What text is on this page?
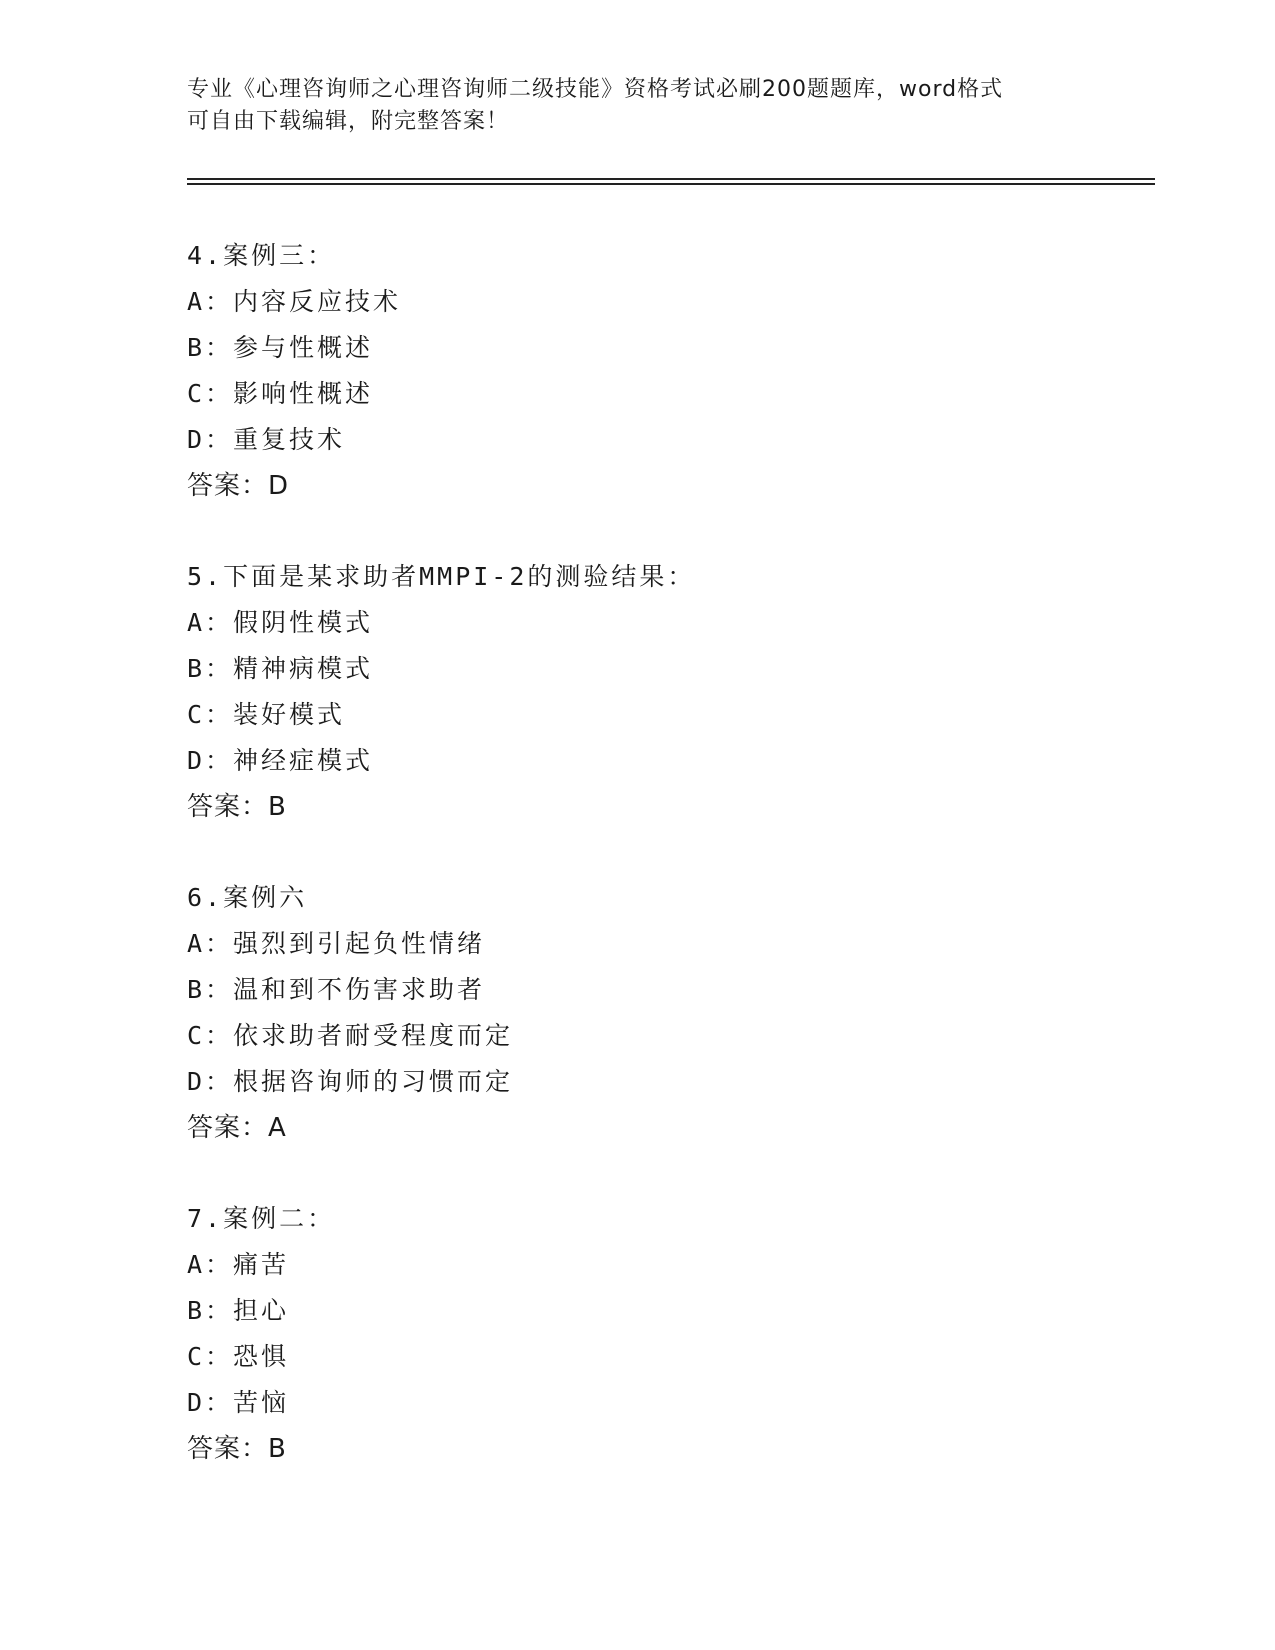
专业《心理咨询师之心理咨询师二级技能》资格考试必刷200题题库，word格式
可自由下载编辑，附完整答案！
4.案例三：
A：内容反应技术
B：参与性概述
C：影响性概述
D：重复技术
答案：D
5.下面是某求助者MMPI-2的测验结果：
A：假阴性模式
B：精神病模式
C：装好模式
D：神经症模式
答案：B
6.案例六
A：强烈到引起负性情绪
B：温和到不伤害求助者
C：依求助者耐受程度而定
D：根据咨询师的习惯而定
答案：A
7.案例二：
A：痛苦
B：担心
C：恐惧
D：苦恼
答案：B
